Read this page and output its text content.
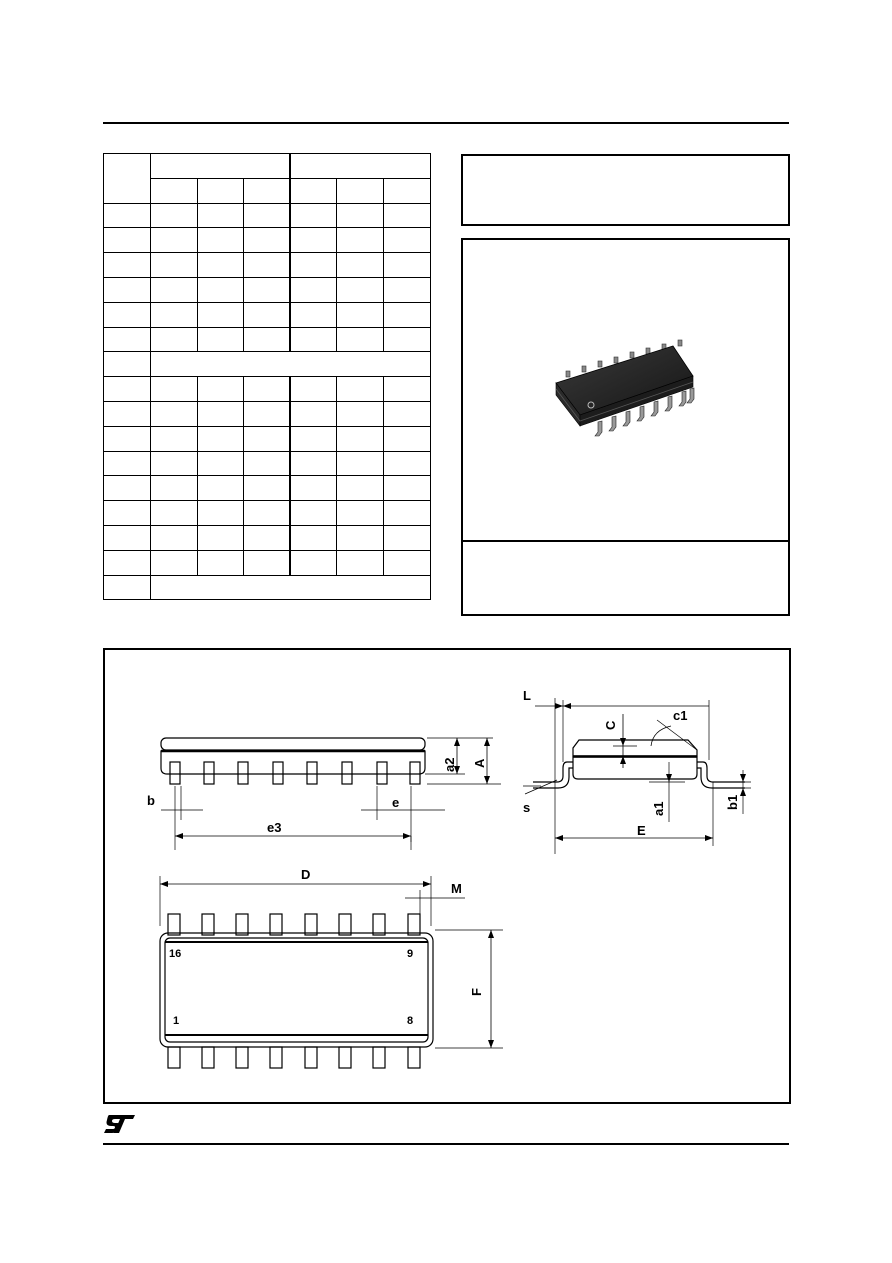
L
C
c1
a2 A
b	e
e3
s	a1	b1
E
D
M
F
16	9
1	8
